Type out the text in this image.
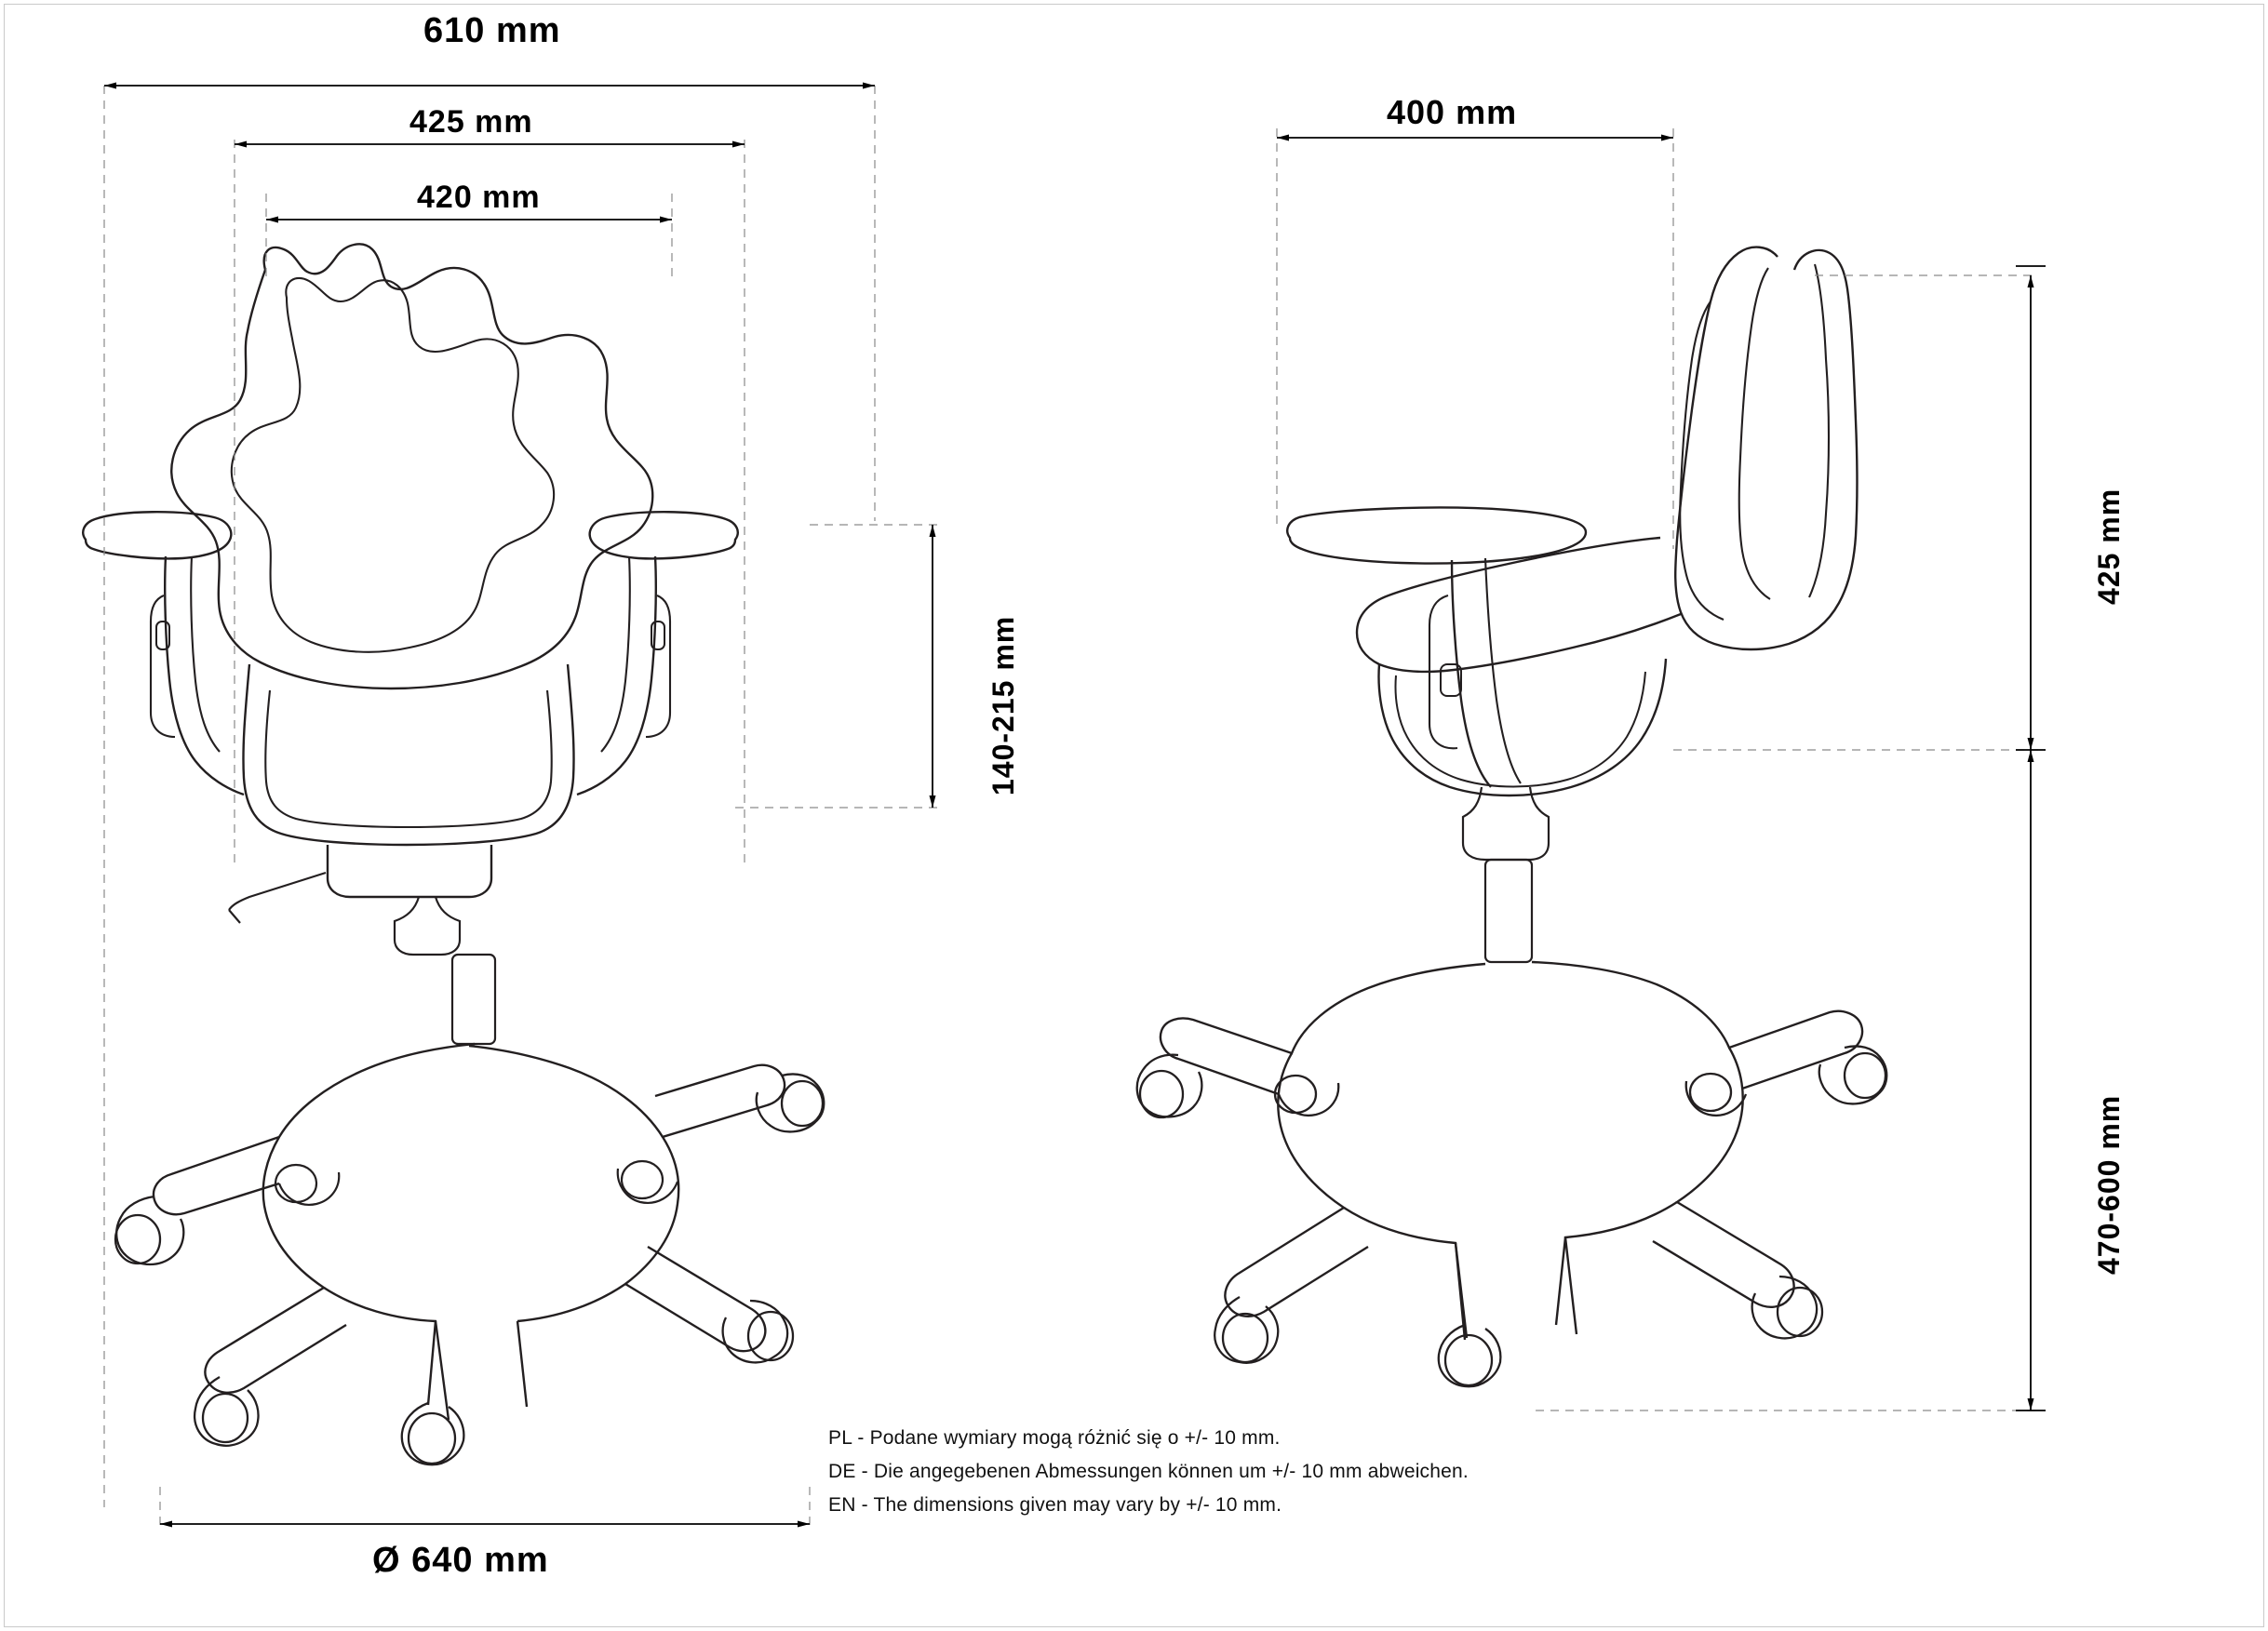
610 mm
425 mm
420 mm
140-215 mm
Ø 640 mm
400 mm
425 mm
470-600 mm
PL - Podane wymiary mogą różnić się o +/- 10 mm.
DE - Die angegebenen Abmessungen können um +/- 10 mm abweichen.
EN - The dimensions given may vary by +/- 10 mm.
